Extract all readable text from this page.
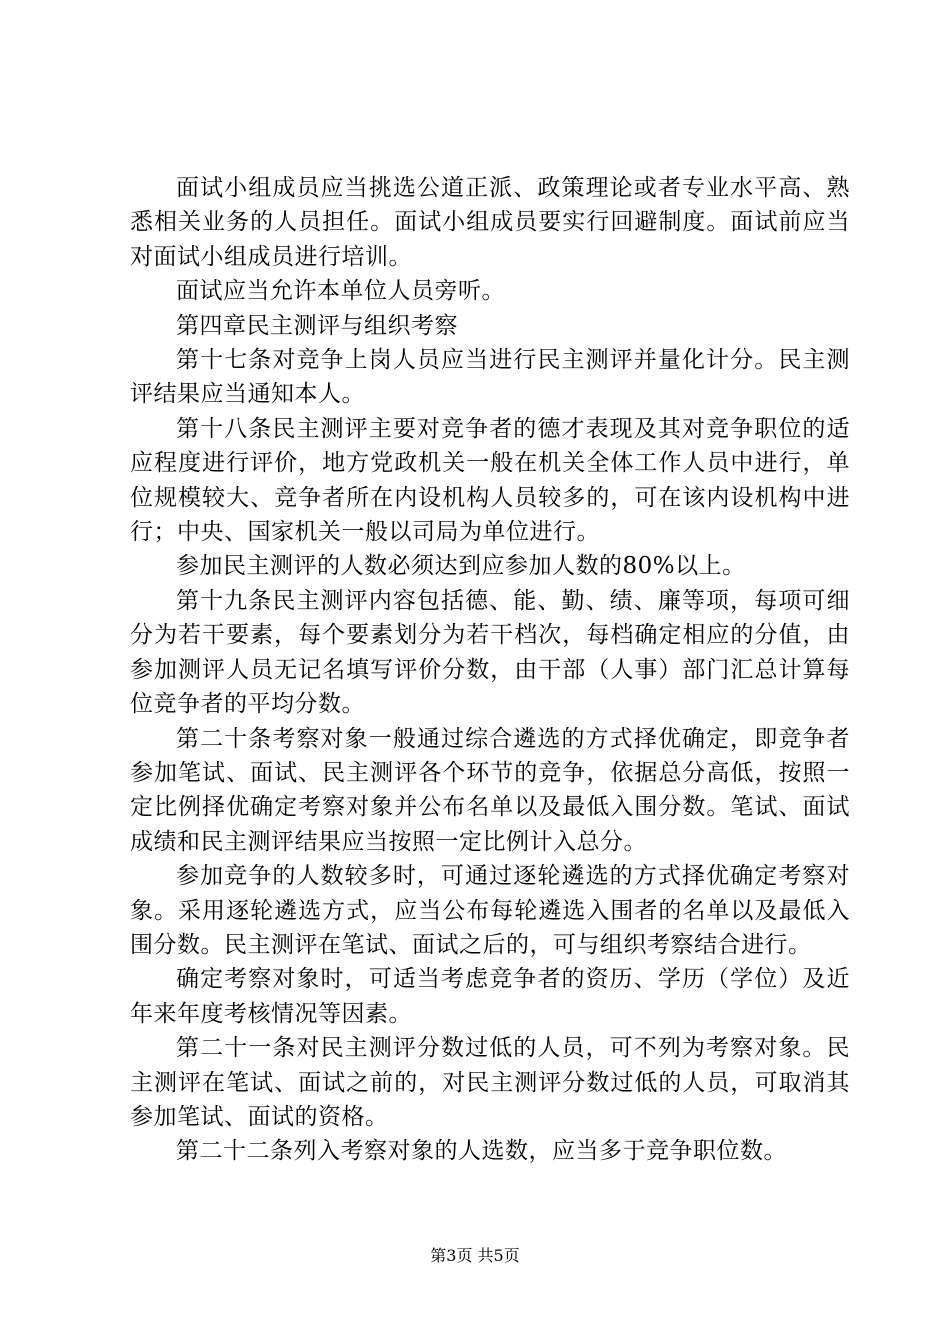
面试小组成员应当挑选公道正派、政策理论或者专业水平高、熟悉相关业务的人员担任。面试小组成员要实行回避制度。面试前应当对面试小组成员进行培训。

面试应当允许本单位人员旁听。

第四章民主测评与组织考察

第十七条对竞争上岗人员应当进行民主测评并量化计分。民主测评结果应当通知本人。

第十八条民主测评主要对竞争者的德才表现及其对竞争职位的适应程度进行评价，地方党政机关一般在机关全体工作人员中进行，单位规模较大、竞争者所在内设机构人员较多的，可在该内设机构中进行；中央、国家机关一般以司局为单位进行。

参加民主测评的人数必须达到应参加人数的80%以上。

第十九条民主测评内容包括德、能、勤、绩、廉等项，每项可细分为若干要素，每个要素划分为若干档次，每档确定相应的分值，由参加测评人员无记名填写评价分数，由干部（人事）部门汇总计算每位竞争者的平均分数。

第二十条考察对象一般通过综合遴选的方式择优确定，即竞争者参加笔试、面试、民主测评各个环节的竞争，依据总分高低，按照一定比例择优确定考察对象并公布名单以及最低入围分数。笔试、面试成绩和民主测评结果应当按照一定比例计入总分。

参加竞争的人数较多时，可通过逐轮遴选的方式择优确定考察对象。采用逐轮遴选方式，应当公布每轮遴选入围者的名单以及最低入围分数。民主测评在笔试、面试之后的，可与组织考察结合进行。

确定考察对象时，可适当考虑竞争者的资历、学历（学位）及近年来年度考核情况等因素。

第二十一条对民主测评分数过低的人员，可不列为考察对象。民主测评在笔试、面试之前的，对民主测评分数过低的人员，可取消其参加笔试、面试的资格。

第二十二条列入考察对象的人选数，应当多于竞争职位数。

第3页 共5页
